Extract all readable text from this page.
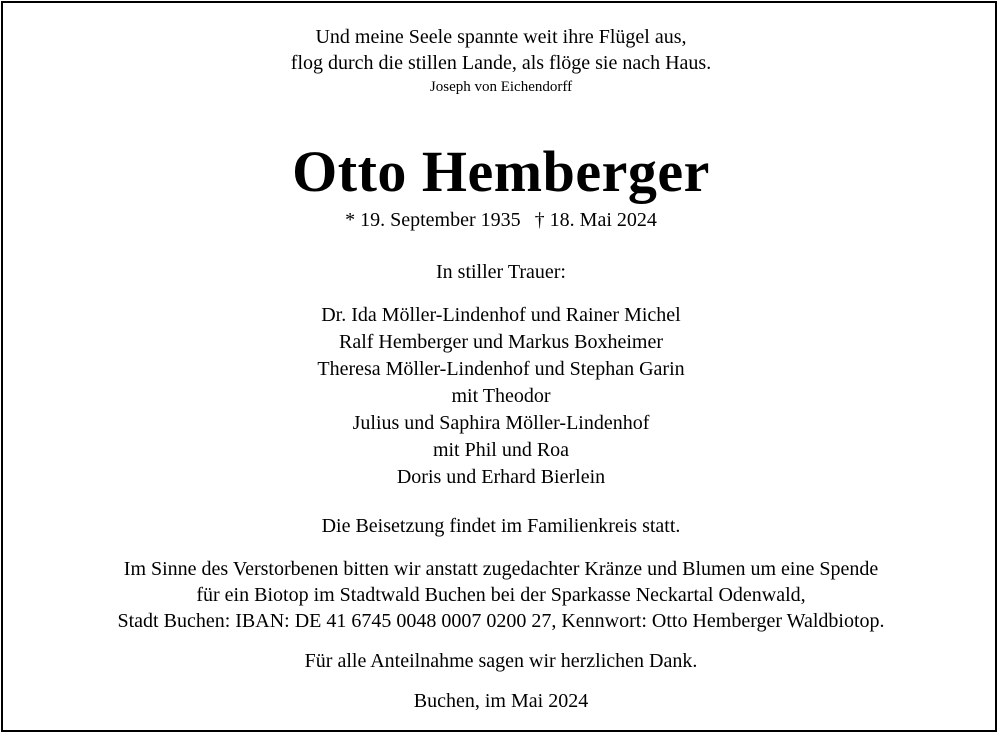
Und meine Seele spannte weit ihre Flügel aus,
flog durch die stillen Lande, als flöge sie nach Haus.
Joseph von Eichendorff
Otto Hemberger
* 19. September 1935 † 18. Mai 2024
In stiller Trauer:
Dr. Ida Möller-Lindenhof und Rainer Michel
Ralf Hemberger und Markus Boxheimer
Theresa Möller-Lindenhof und Stephan Garin
mit Theodor
Julius und Saphira Möller-Lindenhof
mit Phil und Roa
Doris und Erhard Bierlein
Die Beisetzung findet im Familienkreis statt.
Im Sinne des Verstorbenen bitten wir anstatt zugedachter Kränze und Blumen um eine Spende
für ein Biotop im Stadtwald Buchen bei der Sparkasse Neckartal Odenwald,
Stadt Buchen: IBAN: DE 41 6745 0048 0007 0200 27, Kennwort: Otto Hemberger Waldbiotop.
Für alle Anteilnahme sagen wir herzlichen Dank.
Buchen, im Mai 2024
